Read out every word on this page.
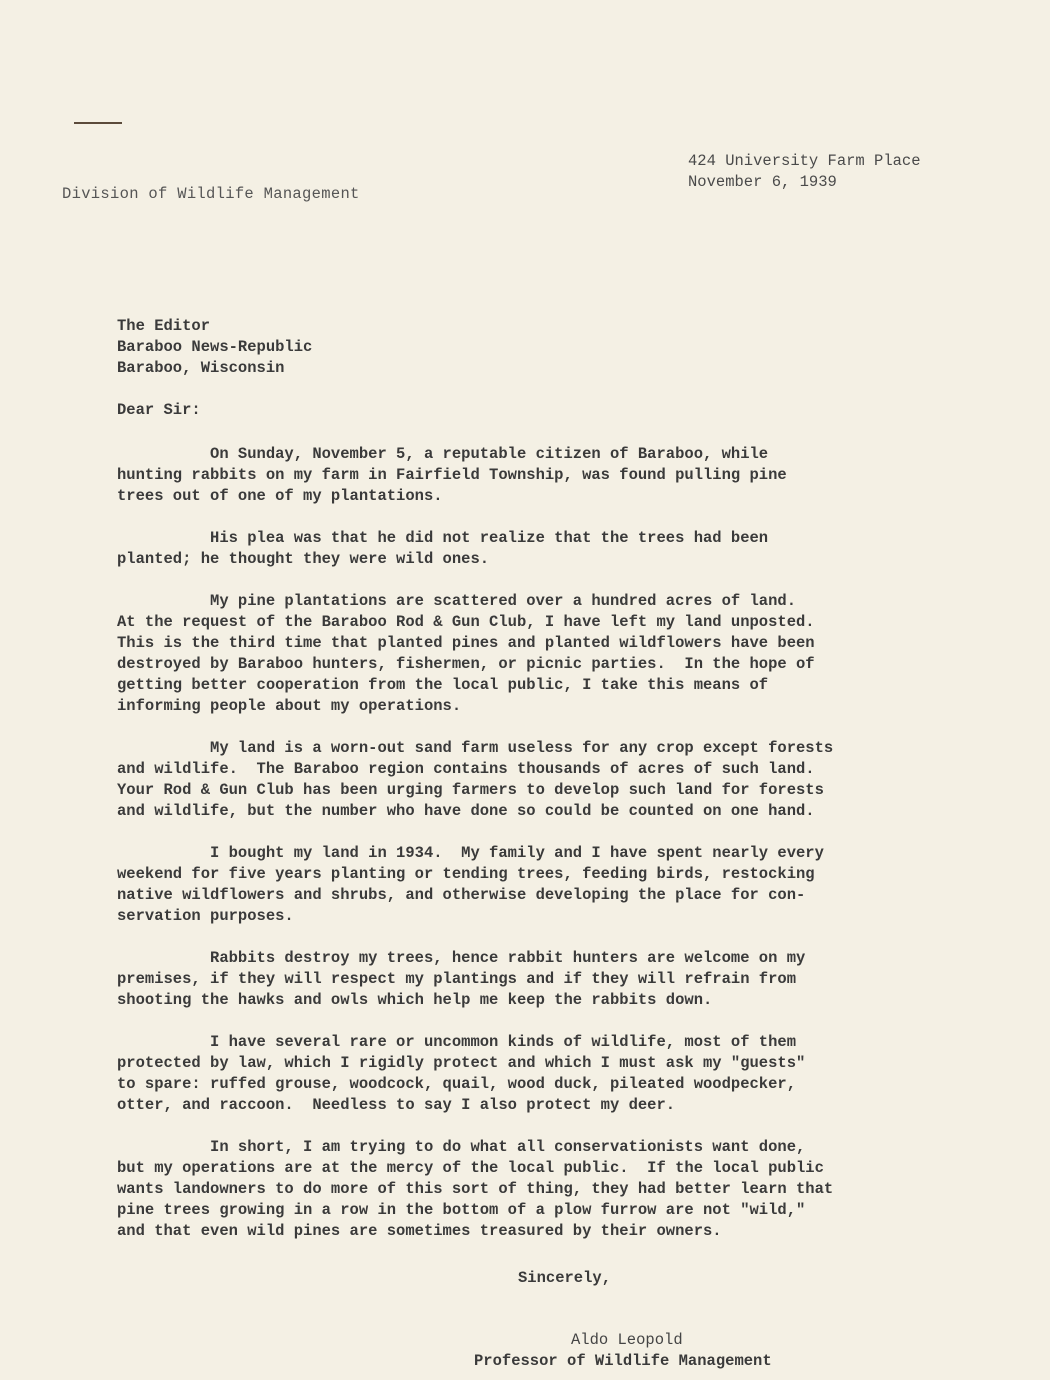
Division of Wildlife Management
424 University Farm Place
November 6, 1939
The Editor
Baraboo News-Republic
Baraboo, Wisconsin
Dear Sir:

On Sunday, November 5, a reputable citizen of Baraboo, while
hunting rabbits on my farm in Fairfield Township, was found pulling pine
trees out of one of my plantations.

His plea was that he did not realize that the trees had been
planted; he thought they were wild ones.

My pine plantations are scattered over a hundred acres of land.
At the request of the Baraboo Rod & Gun Club, I have left my land unposted.
This is the third time that planted pines and planted wildflowers have been
destroyed by Baraboo hunters, fishermen, or picnic parties.  In the hope of
getting better cooperation from the local public, I take this means of
informing people about my operations.

My land is a worn-out sand farm useless for any crop except forests
and wildlife.  The Baraboo region contains thousands of acres of such land.
Your Rod & Gun Club has been urging farmers to develop such land for forests
and wildlife, but the number who have done so could be counted on one hand.

I bought my land in 1934.  My family and I have spent nearly every
weekend for five years planting or tending trees, feeding birds, restocking
native wildflowers and shrubs, and otherwise developing the place for con-
servation purposes.

Rabbits destroy my trees, hence rabbit hunters are welcome on my
premises, if they will respect my plantings and if they will refrain from
shooting the hawks and owls which help me keep the rabbits down.

I have several rare or uncommon kinds of wildlife, most of them
protected by law, which I rigidly protect and which I must ask my "guests"
to spare: ruffed grouse, woodcock, quail, wood duck, pileated woodpecker,
otter, and raccoon.  Needless to say I also protect my deer.

In short, I am trying to do what all conservationists want done,
but my operations are at the mercy of the local public.  If the local public
wants landowners to do more of this sort of thing, they had better learn that
pine trees growing in a row in the bottom of a plow furrow are not "wild,"
and that even wild pines are sometimes treasured by their owners.

Sincerely,
Aldo Leopold
Professor of Wildlife Management
